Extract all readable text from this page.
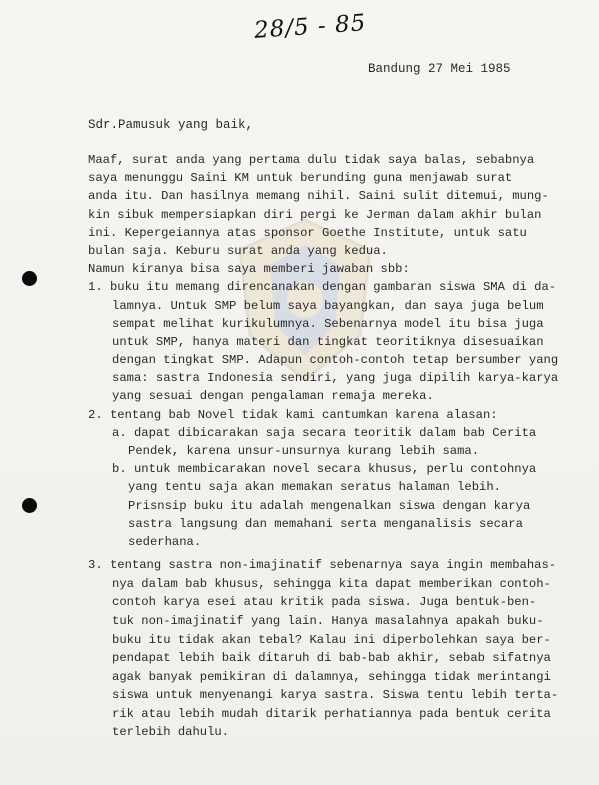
28/5 - 85
Bandung 27 Mei 1985
Sdr.Pamusuk yang baik,
Maaf, surat anda yang pertama dulu tidak saya balas, sebabnya
saya menunggu Saini KM untuk berunding guna menjawab surat
anda itu. Dan hasilnya memang nihil. Saini sulit ditemui, mung-
kin sibuk mempersiapkan diri pergi ke Jerman dalam akhir bulan
ini. Kepergeiannya atas sponsor Goethe Institute, untuk satu
bulan saja. Keburu surat anda yang kedua.
Namun kiranya bisa saya memberi jawaban sbb:
1. buku itu memang direncanakan dengan gambaran siswa SMA di da-
lamnya. Untuk SMP belum saya bayangkan, dan saya juga belum
sempat melihat kurikulumnya. Sebenarnya model itu bisa juga
untuk SMP, hanya materi dan tingkat teoritiknya disesuaikan
dengan tingkat SMP. Adapun contoh-contoh tetap bersumber yang
sama: sastra Indonesia sendiri, yang juga dipilih karya-karya
yang sesuai dengan pengalaman remaja mereka.
2. tentang bab Novel tidak kami cantumkan karena alasan:
a. dapat dibicarakan saja secara teoritik dalam bab Cerita
Pendek, karena unsur-unsurnya kurang lebih sama.
b. untuk membicarakan novel secara khusus, perlu contohnya
yang tentu saja akan memakan seratus halaman lebih.
Prisnsip buku itu adalah mengenalkan siswa dengan karya
sastra langsung dan memahani serta menganalisis secara
sederhana.
3. tentang sastra non-imajinatif sebenarnya saya ingin membahas-
nya dalam bab khusus, sehingga kita dapat memberikan contoh-
contoh karya esei atau kritik pada siswa. Juga bentuk-ben-
tuk non-imajinatif yang lain. Hanya masalahnya apakah buku-
buku itu tidak akan tebal? Kalau ini diperbolehkan saya ber-
pendapat lebih baik ditaruh di bab-bab akhir, sebab sifatnya
agak banyak pemikiran di dalamnya, sehingga tidak merintangi
siswa untuk menyenangi karya sastra. Siswa tentu lebih terta-
rik atau lebih mudah ditarik perhatiannya pada bentuk cerita
terlebih dahulu.
